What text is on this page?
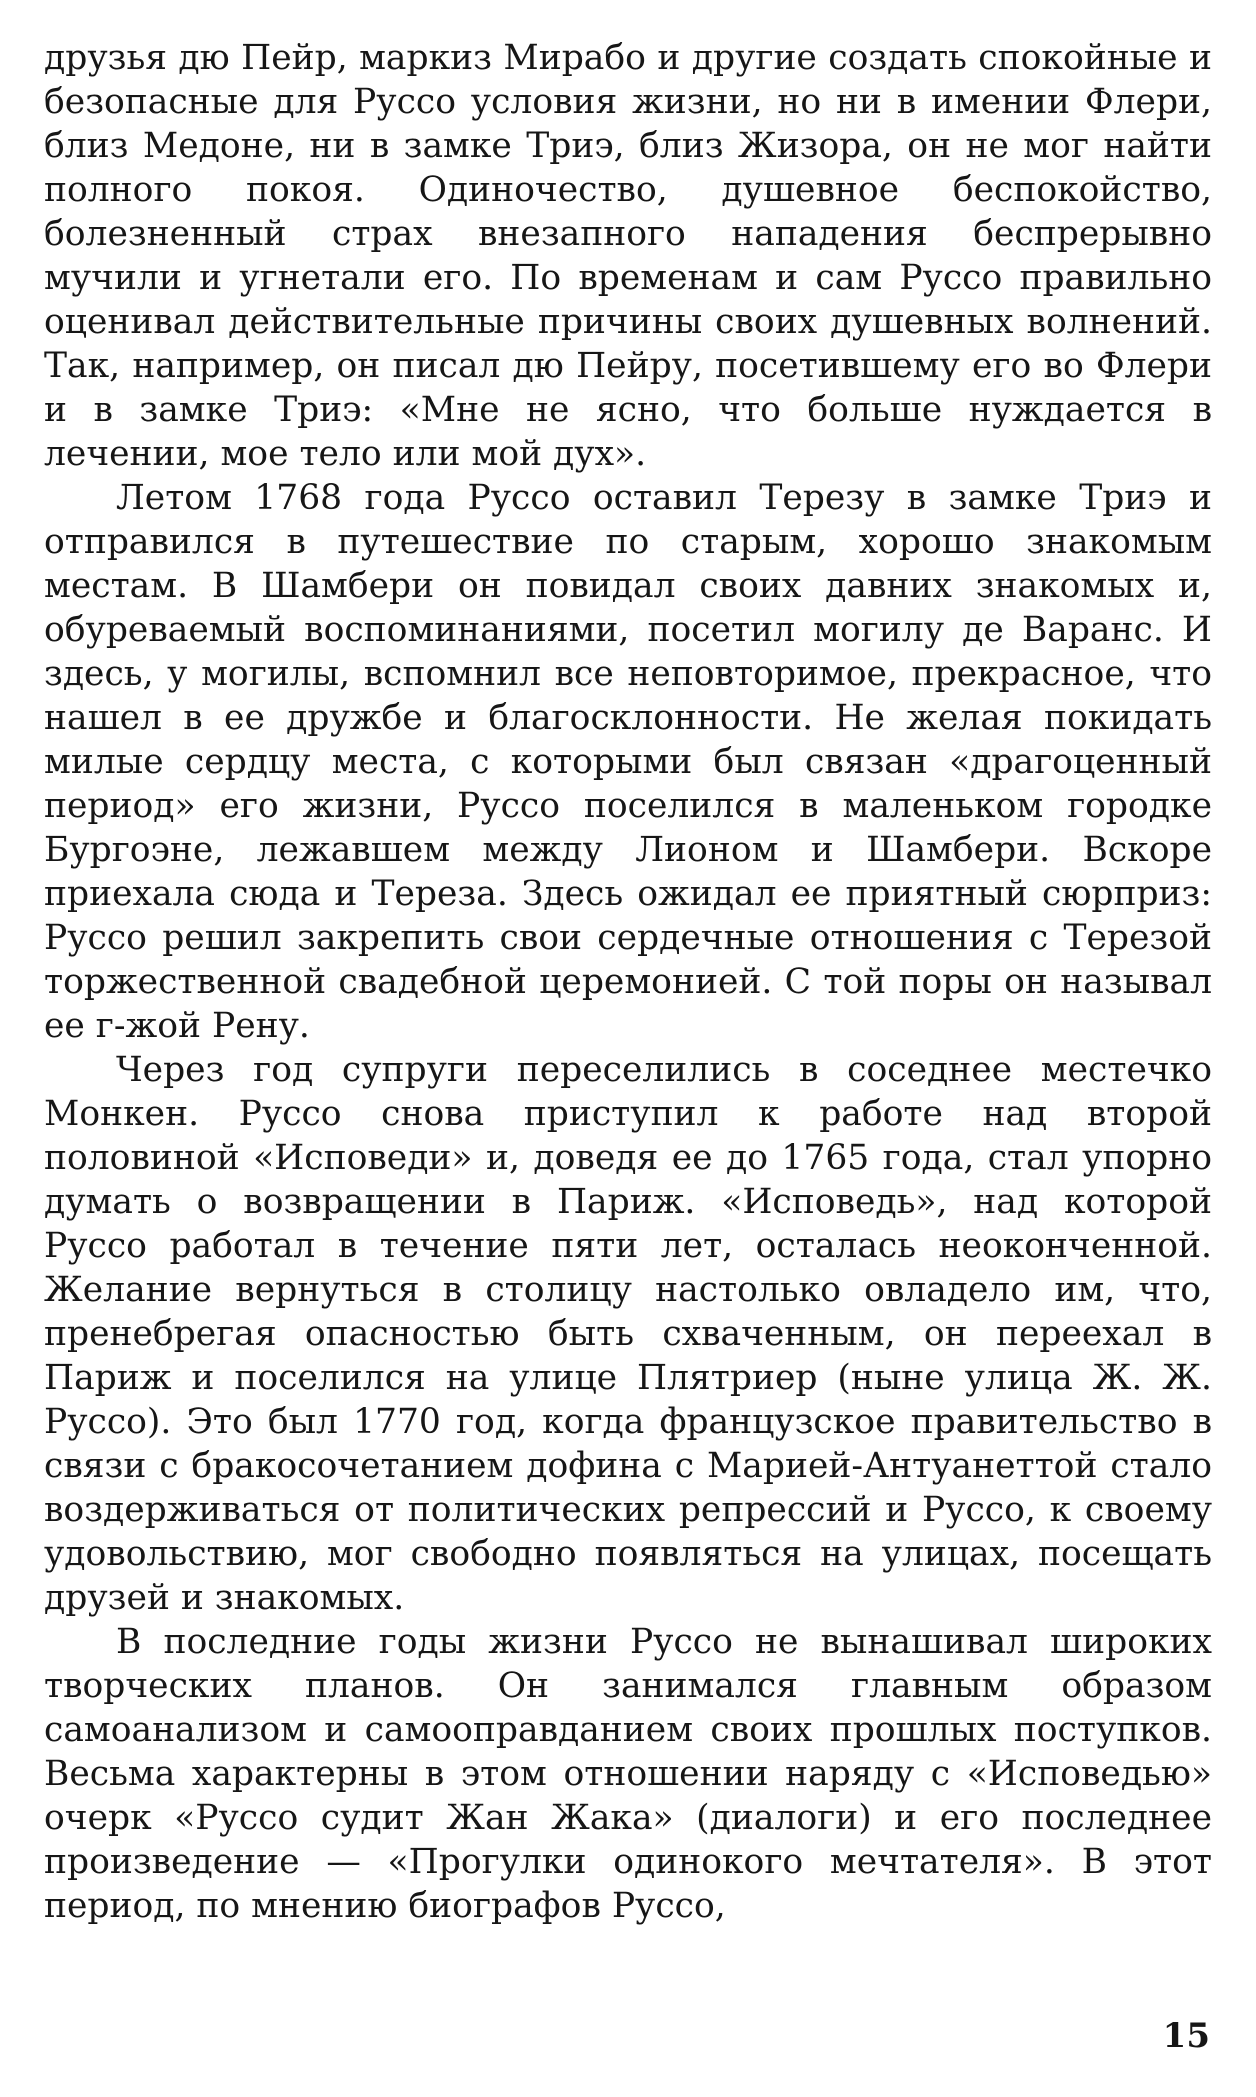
друзья дю Пейр, маркиз Мирабо и другие создать спокойные и безопасные для Руссо условия жизни, но ни в имении Флери, близ Медоне, ни в замке Триэ, близ Жизора, он не мог найти полного покоя. Одиночество, душевное беспокойство, болезненный страх внезапного нападения беспрерывно мучили и угнетали его. По временам и сам Руссо правильно оценивал действительные причины своих душевных волнений. Так, например, он писал дю Пейру, посетившему его во Флери и в замке Триэ: «Мне не ясно, что больше нуждается в лечении, мое тело или мой дух».

Летом 1768 года Руссо оставил Терезу в замке Триэ и отправился в путешествие по старым, хорошо знакомым местам. В Шамбери он повидал своих давних знакомых и, обуреваемый воспоминаниями, посетил могилу де Варанс. И здесь, у могилы, вспомнил все неповторимое, прекрасное, что нашел в ее дружбе и благосклонности. Не желая покидать милые сердцу места, с которыми был связан «драгоценный период» его жизни, Руссо поселился в маленьком городке Бургоэне, лежавшем между Лионом и Шамбери. Вскоре приехала сюда и Тереза. Здесь ожидал ее приятный сюрприз: Руссо решил закрепить свои сердечные отношения с Терезой торжественной свадебной церемонией. С той поры он называл ее г-жой Рену.

Через год супруги переселились в соседнее местечко Монкен. Руссо снова приступил к работе над второй половиной «Исповеди» и, доведя ее до 1765 года, стал упорно думать о возвращении в Париж. «Исповедь», над которой Руссо работал в течение пяти лет, осталась неоконченной. Желание вернуться в столицу настолько овладело им, что, пренебрегая опасностью быть схваченным, он переехал в Париж и поселился на улице Плятриер (ныне улица Ж. Ж. Руссо). Это был 1770 год, когда французское правительство в связи с бракосочетанием дофина с Марией-Антуанеттой стало воздерживаться от политических репрессий и Руссо, к своему удовольствию, мог свободно появляться на улицах, посещать друзей и знакомых.

В последние годы жизни Руссо не вынашивал широких творческих планов. Он занимался главным образом самоанализом и самооправданием своих прошлых поступков. Весьма характерны в этом отношении наряду с «Исповедью» очерк «Руссо судит Жан Жака» (диалоги) и его последнее произведение — «Прогулки одинокого мечтателя». В этот период, по мнению биографов Руссо,

15
